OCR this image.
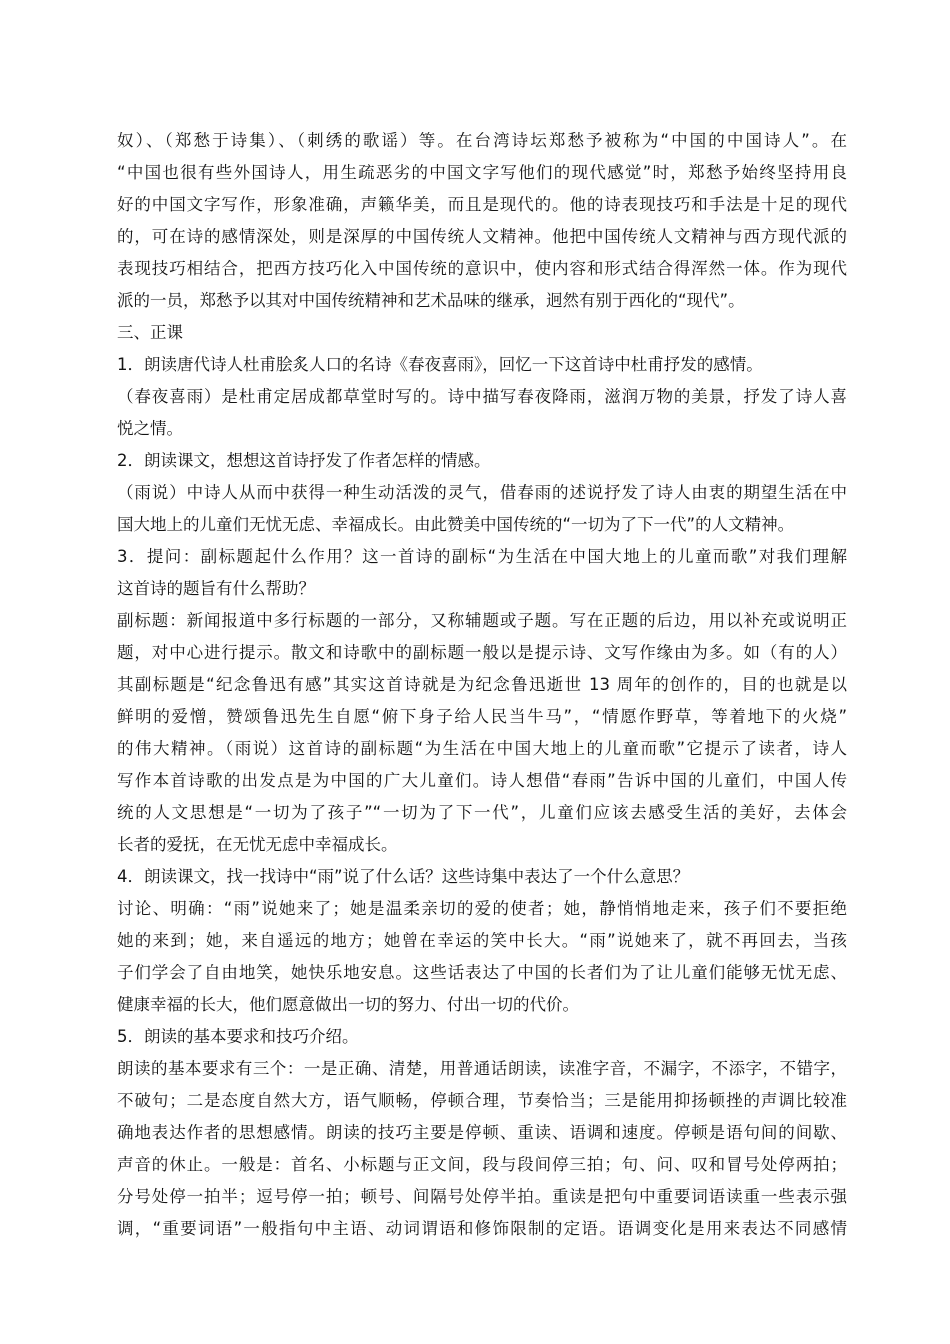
奴）、（郑愁于诗集）、（刺绣的歌谣）等。在台湾诗坛郑愁予被称为“中国的中国诗人”。在
“中国也很有些外国诗人，用生疏恶劣的中国文字写他们的现代感觉”时，郑愁予始终坚持用良
好的中国文字写作，形象准确，声籁华美，而且是现代的。他的诗表现技巧和手法是十足的现代
的，可在诗的感情深处，则是深厚的中国传统人文精神。他把中国传统人文精神与西方现代派的
表现技巧相结合，把西方技巧化入中国传统的意识中，使内容和形式结合得浑然一体。作为现代
派的一员，郑愁予以其对中国传统精神和艺术品味的继承，迥然有别于西化的“现代”。
三、正课
1．朗读唐代诗人杜甫脍炙人口的名诗《春夜喜雨》，回忆一下这首诗中杜甫抒发的感情。
（春夜喜雨）是杜甫定居成都草堂时写的。诗中描写春夜降雨，滋润万物的美景，抒发了诗人喜
悦之情。
2．朗读课文，想想这首诗抒发了作者怎样的情感。
（雨说）中诗人从而中获得一种生动活泼的灵气，借春雨的述说抒发了诗人由衷的期望生活在中
国大地上的儿童们无忧无虑、幸福成长。由此赞美中国传统的“一切为了下一代”的人文精神。
3．提问：副标题起什么作用？这一首诗的副标“为生活在中国大地上的儿童而歌”对我们理解
这首诗的题旨有什么帮助？
副标题：新闻报道中多行标题的一部分，又称辅题或子题。写在正题的后边，用以补充或说明正
题，对中心进行提示。散文和诗歌中的副标题一般以是提示诗、文写作缘由为多。如（有的人）
其副标题是“纪念鲁迅有感”其实这首诗就是为纪念鲁迅逝世 13 周年的创作的，目的也就是以
鲜明的爱憎，赞颂鲁迅先生自愿“俯下身子给人民当牛马”，“情愿作野草，等着地下的火烧”
的伟大精神。（雨说）这首诗的副标题“为生活在中国大地上的儿童而歌”它提示了读者，诗人
写作本首诗歌的出发点是为中国的广大儿童们。诗人想借“春雨”告诉中国的儿童们，中国人传
统的人文思想是“一切为了孩子”“一切为了下一代”，儿童们应该去感受生活的美好，去体会
长者的爱抚，在无忧无虑中幸福成长。
4．朗读课文，找一找诗中“雨”说了什么话？这些诗集中表达了一个什么意思？
讨论、明确：“雨”说她来了；她是温柔亲切的爱的使者；她，静悄悄地走来，孩子们不要拒绝
她的来到；她，来自遥远的地方；她曾在幸运的笑中长大。“雨”说她来了，就不再回去，当孩
子们学会了自由地笑，她快乐地安息。这些话表达了中国的长者们为了让儿童们能够无忧无虑、
健康幸福的长大，他们愿意做出一切的努力、付出一切的代价。
5．朗读的基本要求和技巧介绍。
朗读的基本要求有三个：一是正确、清楚，用普通话朗读，读准字音，不漏字，不添字，不错字，
不破句；二是态度自然大方，语气顺畅，停顿合理，节奏恰当；三是能用抑扬顿挫的声调比较准
确地表达作者的思想感情。朗读的技巧主要是停顿、重读、语调和速度。停顿是语句间的间歇、
声音的休止。一般是：首名、小标题与正文间，段与段间停三拍；句、问、叹和冒号处停两拍；
分号处停一拍半；逗号停一拍；顿号、间隔号处停半拍。重读是把句中重要词语读重一些表示强
调，“重要词语”一般指句中主语、动词谓语和修饰限制的定语。语调变化是用来表达不同感情
